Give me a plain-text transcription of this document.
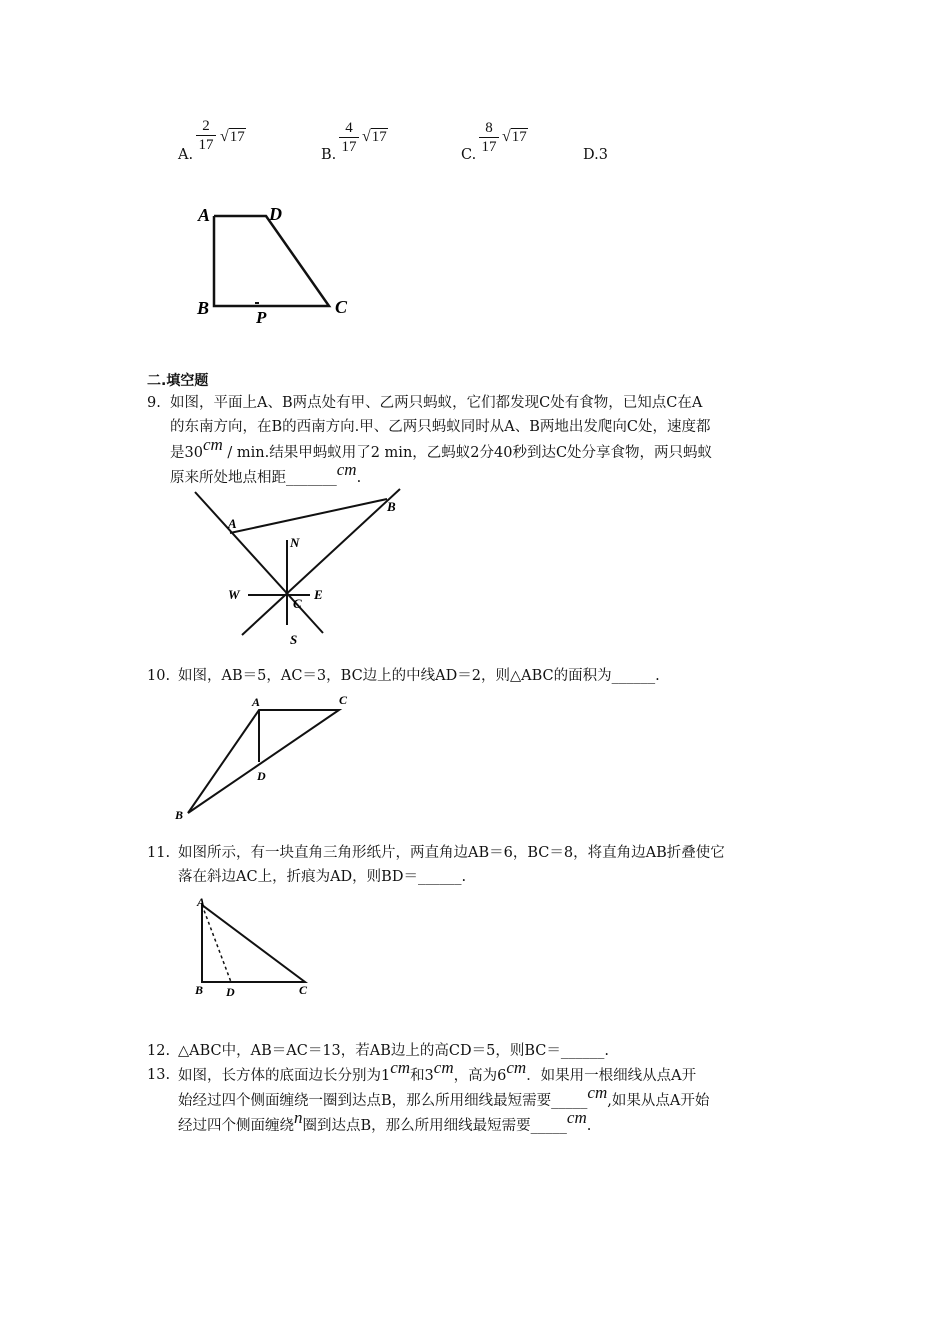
A.
2
17 √17
B.
4
17
√17
C.
8
17
√17
D.3
A	D
B	C
P
二.填空题
9. 如图，平面上A、B两点处有甲、乙两只蚂蚁，它们都发现C处有食物，已知点C在A
的东南方向，在B的西南方向.甲、乙两只蚂蚁同时从A、B两地出发爬向C处，速度都
是30cm / min.结果甲蚂蚁用了2 min，乙蚂蚁2分40秒到达C处分享食物，两只蚂蚁
原来所处地点相距_______cm.
A
B
N
W	E
C
S
10. 如图，AB＝5，AC＝3，BC边上的中线AD＝2，则△ABC的面积为______.
A	C
D
B
11. 如图所示，有一块直角三角形纸片，两直角边AB＝6，BC＝8，将直角边AB折叠使它
落在斜边AC上，折痕为AD，则BD＝______.
A
B D	C
12. △ABC中，AB＝AC＝13，若AB边上的高CD＝5，则BC＝______.
13. 如图，长方体的底面边长分别为1cm和3cm，高为6cm．如果用一根细线从点A开
始经过四个侧面缠绕一圈到达点B，那么所用细线最短需要_____cm,如果从点A开始
经过四个侧面缠绕n圈到达点B，那么所用细线最短需要_____cm.
